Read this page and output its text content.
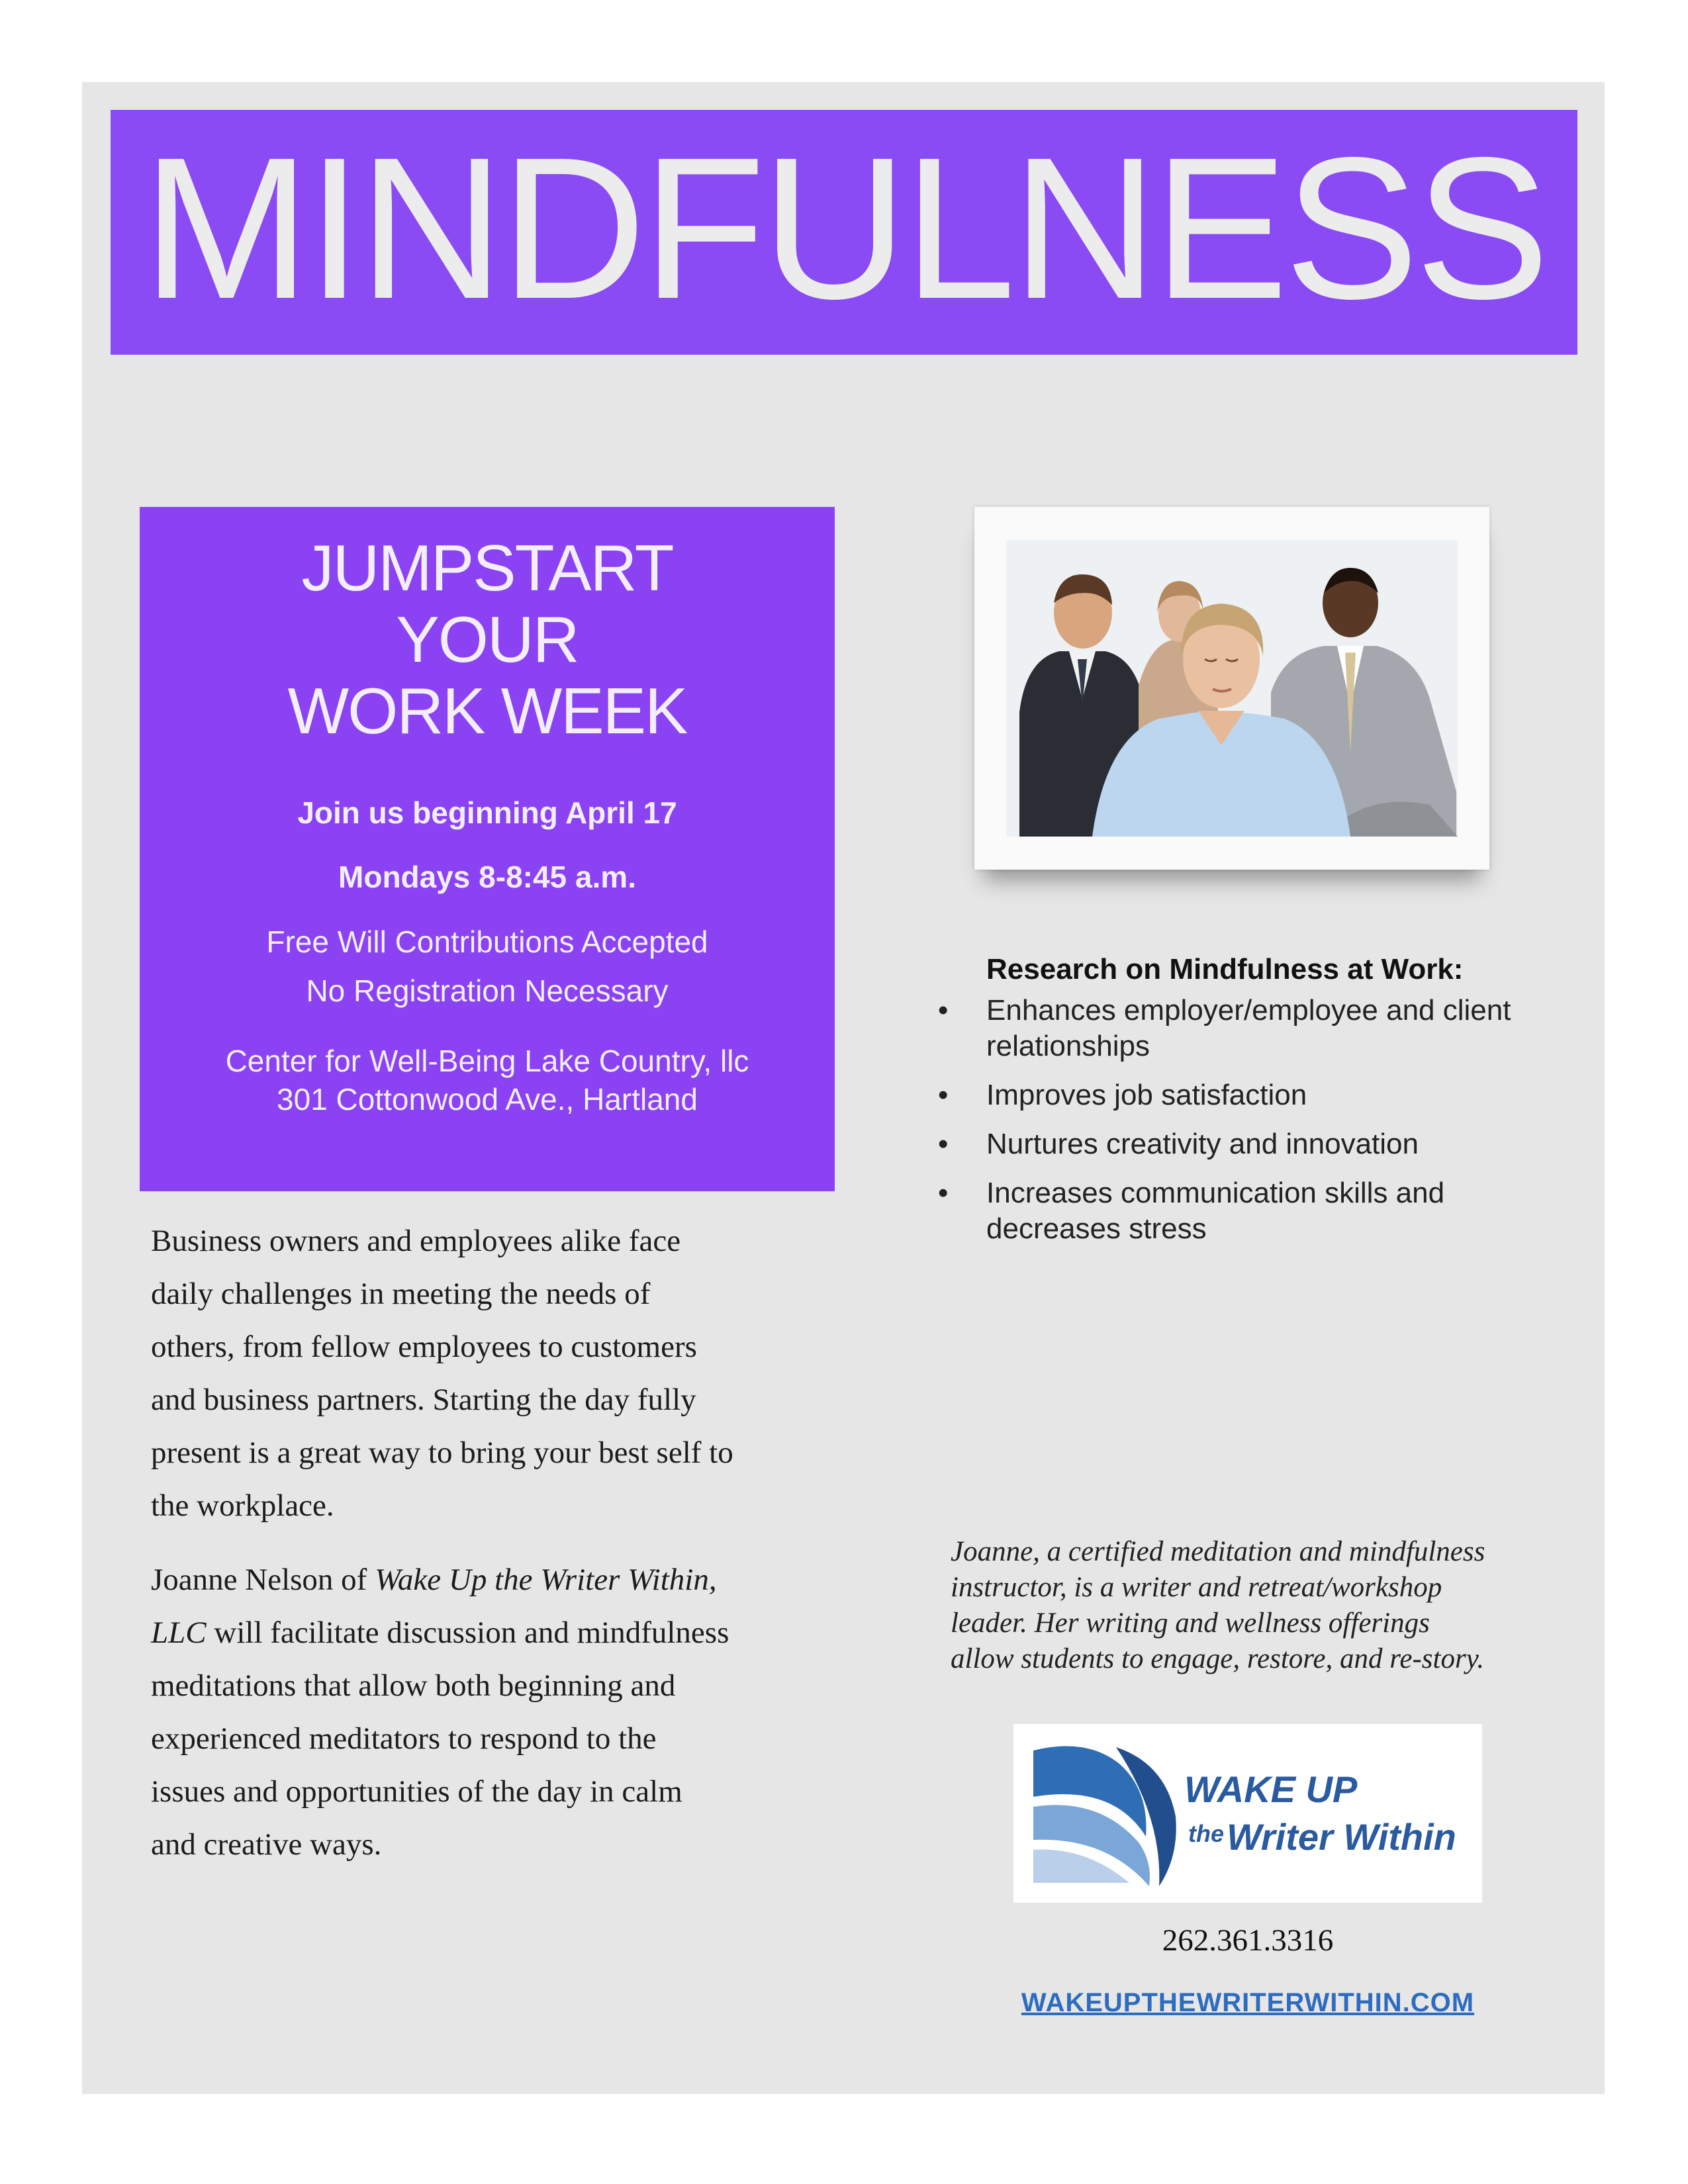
MINDFULNESS
JUMPSTART
YOUR
WORK WEEK
Join us beginning April 17
Mondays 8-8:45 a.m.
Free Will Contributions Accepted
No Registration Necessary
Center for Well-Being Lake Country, llc
301 Cottonwood Ave., Hartland
Research on Mindfulness at Work:
• Enhances employer/employee and client
relationships
• Improves job satisfaction
• Nurtures creativity and innovation
• Increases communication skills and
decreases stress
Business owners and employees alike face
daily challenges in meeting the needs of
others, from fellow employees to customers
and business partners. Starting the day fully
present is a great way to bring your best self to
the workplace.
Joanne Nelson of Wake Up the Writer Within,
LLC will facilitate discussion and mindfulness
meditations that allow both beginning and
experienced meditators to respond to the
issues and opportunities of the day in calm
and creative ways.
Joanne, a certified meditation and mindfulness
instructor, is a writer and retreat/workshop
leader. Her writing and wellness offerings
allow students to engage, restore, and re-story.
WAKE UP
the Writer Within
262.361.3316
WAKEUPTHEWRITERWITHIN.COM
